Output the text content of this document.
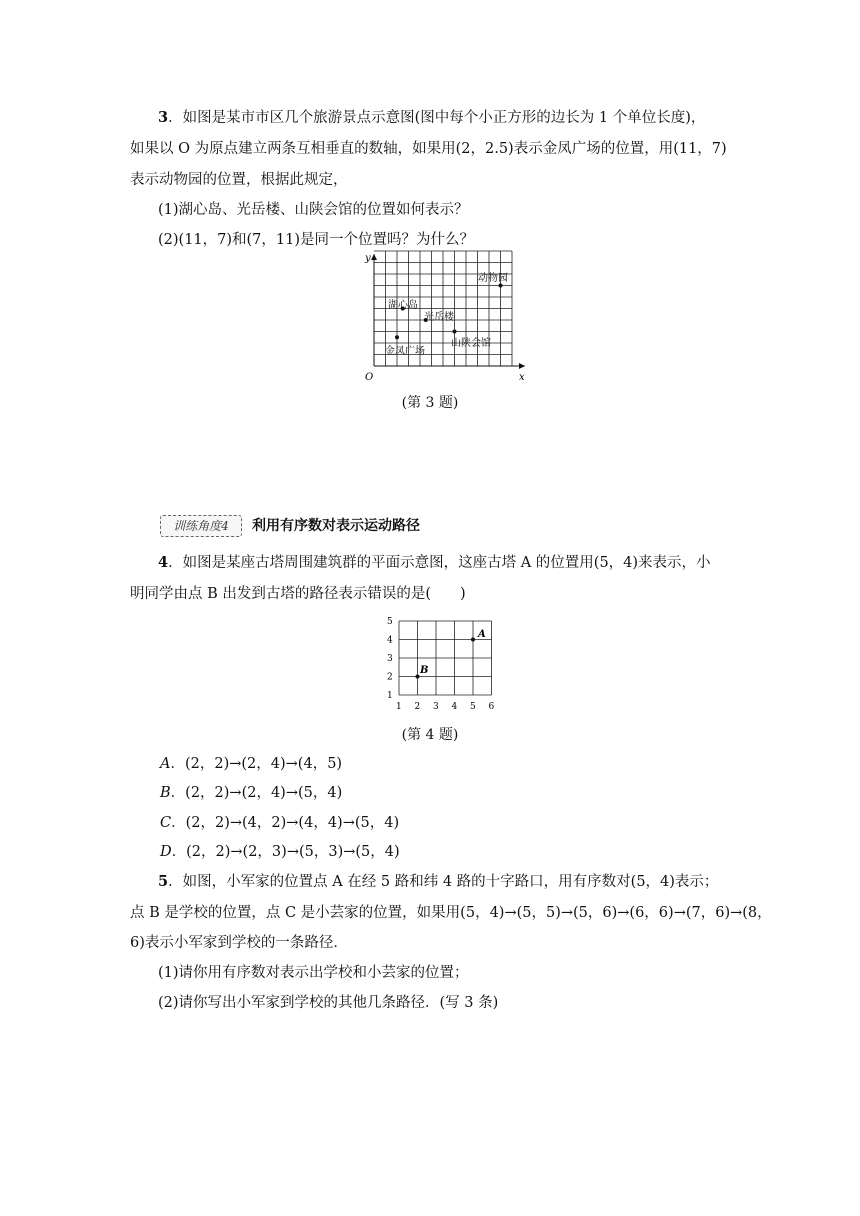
3．如图是某市市区几个旅游景点示意图(图中每个小正方形的边长为 1 个单位长度)，
如果以 O 为原点建立两条互相垂直的数轴，如果用(2，2.5)表示金凤广场的位置，用(11，7)
表示动物园的位置，根据此规定，
(1)湖心岛、光岳楼、山陕会馆的位置如何表示？
(2)(11，7)和(7，11)是同一个位置吗？为什么？
y
x
O
动物园
湖心岛
光岳楼
山陕会馆
金凤广场
(第 3 题)
训练角度4	利用有序数对表示运动路径
4．如图是某座古塔周围建筑群的平面示意图，这座古塔 A 的位置用(5，4)来表示，小
明同学由点 B 出发到古塔的路径表示错误的是(　　)
1 2 3 4 5 6
1
2
3
4
5
A
B
(第 4 题)
A．(2，2)→(2，4)→(4，5)
B．(2，2)→(2，4)→(5，4)
C．(2，2)→(4，2)→(4，4)→(5，4)
D．(2，2)→(2，3)→(5，3)→(5，4)
5．如图，小军家的位置点 A 在经 5 路和纬 4 路的十字路口，用有序数对(5，4)表示；
点 B 是学校的位置，点 C 是小芸家的位置，如果用(5，4)→(5，5)→(5，6)→(6，6)→(7，6)→(8，
6)表示小军家到学校的一条路径．
(1)请你用有序数对表示出学校和小芸家的位置；
(2)请你写出小军家到学校的其他几条路径．(写 3 条)
